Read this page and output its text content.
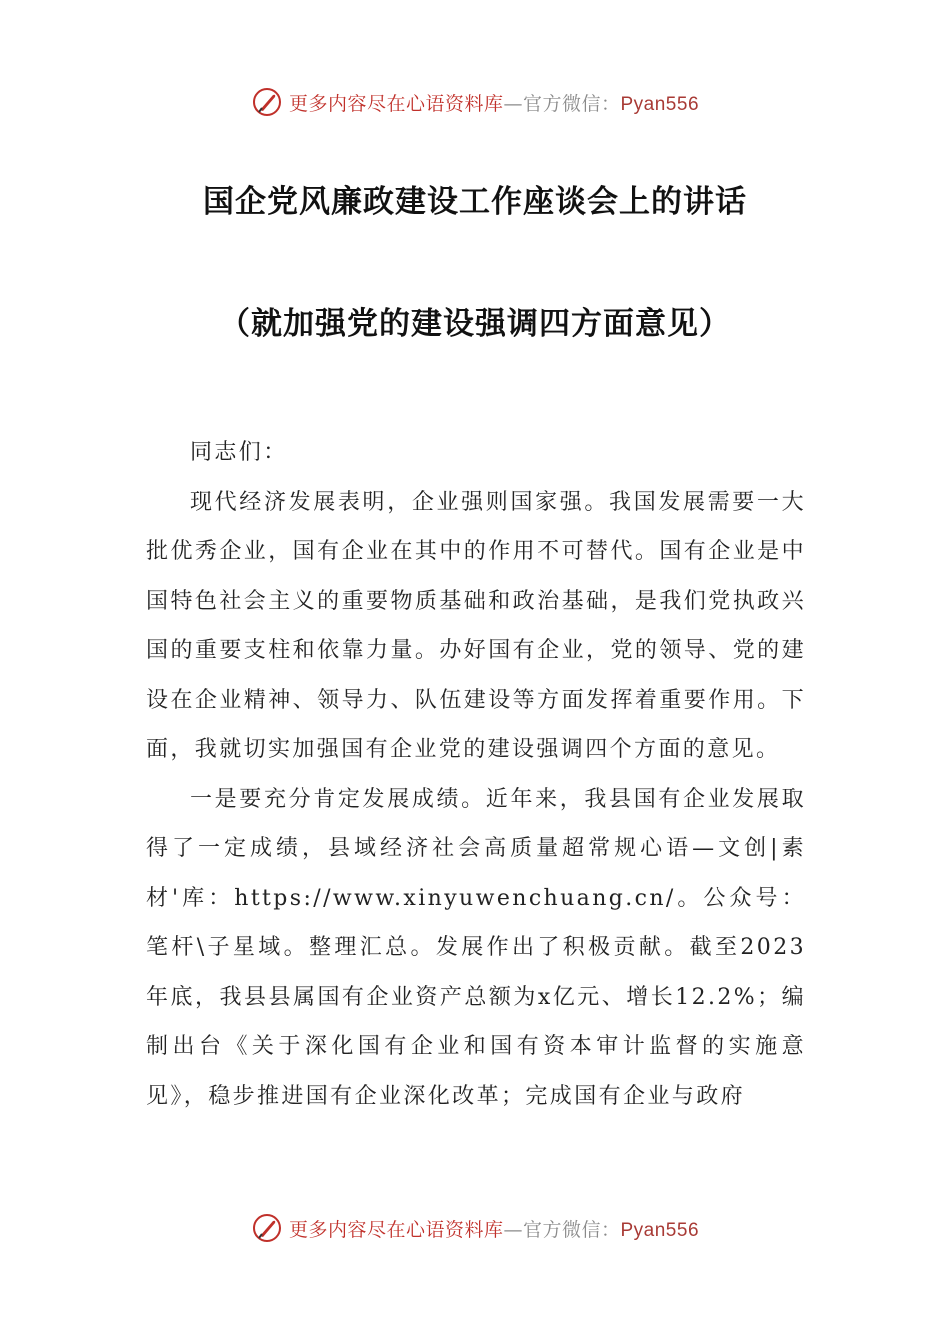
更多内容尽在心语资料库—官方微信：Pyan556
国企党风廉政建设工作座谈会上的讲话
（就加强党的建设强调四方面意见）

同志们：

现代经济发展表明，企业强则国家强。我国发展需要一大批优秀企业，国有企业在其中的作用不可替代。国有企业是中国特色社会主义的重要物质基础和政治基础，是我们党执政兴国的重要支柱和依靠力量。办好国有企业，党的领导、党的建设在企业精神、领导力、队伍建设等方面发挥着重要作用。下面，我就切实加强国有企业党的建设强调四个方面的意见。

一是要充分肯定发展成绩。近年来，我县国有企业发展取得了一定成绩，县域经济社会高质量超常规心语—文创|素材'库：https://www.xinyuwenchuang.cn/。公众号：笔杆\子星域。整理汇总。发展作出了积极贡献。截至2023年底，我县县属国有企业资产总额为x亿元、增长12.2%；编制出台《关于深化国有企业和国有资本审计监督的实施意见》，稳步推进国有企业深化改革；完成国有企业与政府

更多内容尽在心语资料库—官方微信：Pyan556
